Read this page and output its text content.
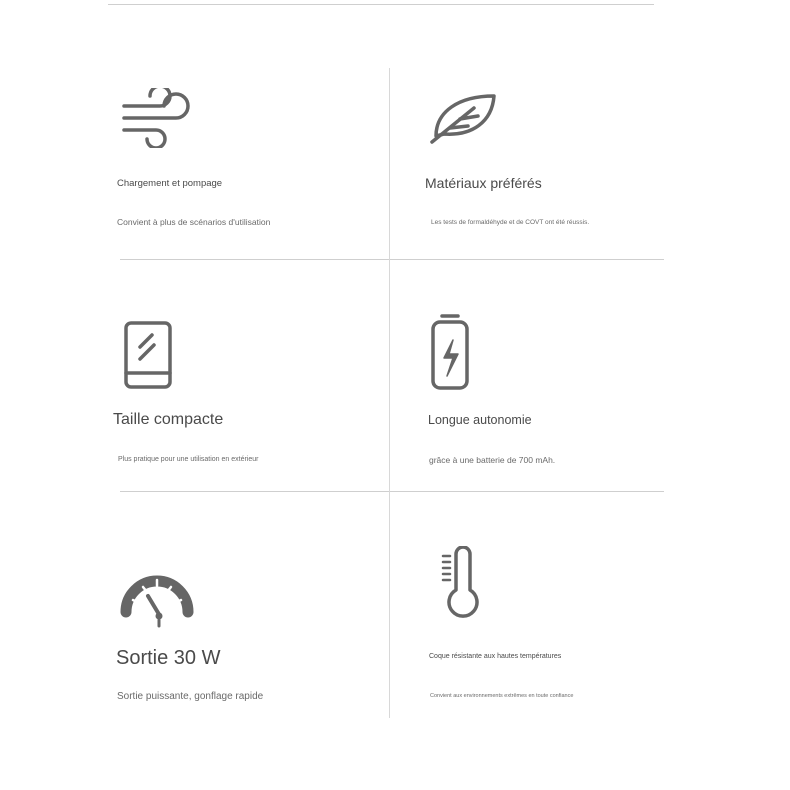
Chargement et pompage
Convient à plus de scénarios d'utilisation
Matériaux préférés
Les tests de formaldéhyde et de COVT ont été réussis.
Taille compacte
Plus pratique pour une utilisation en extérieur
Longue autonomie
grâce à une batterie de 700 mAh.
Sortie 30 W
Sortie puissante, gonflage rapide
Coque résistante aux hautes températures
Convient aux environnements extrêmes en toute confiance
